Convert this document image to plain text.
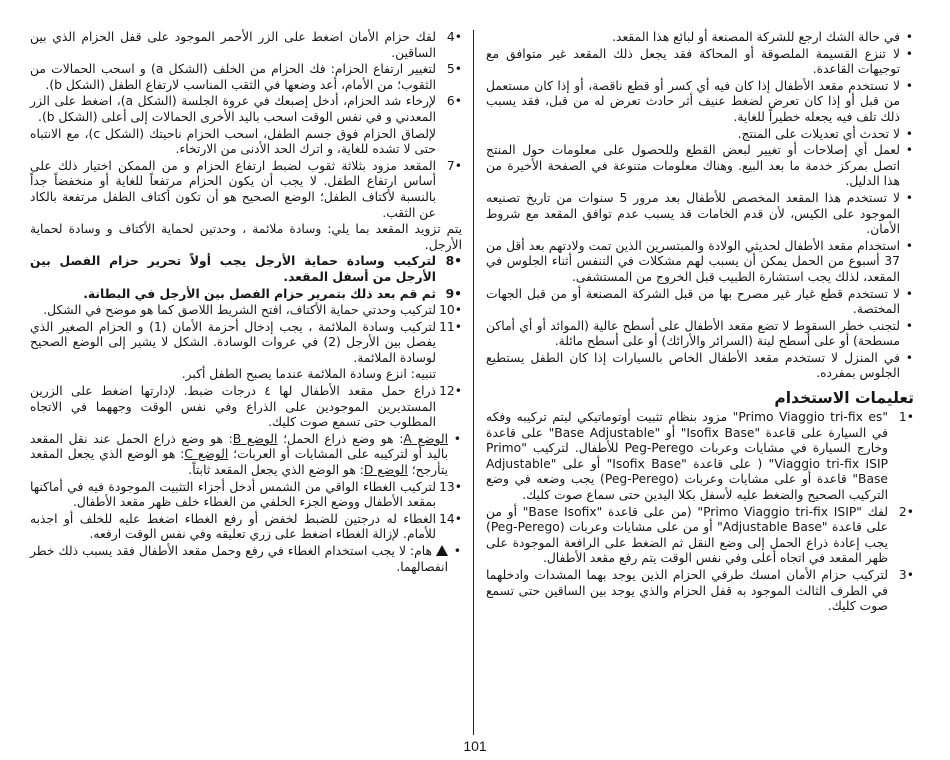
• في حالة الشك ارجع للشركة المصنعة أو لبائع هذا المقعد.
• لا تنزع القسيمة الملصوقة أو المحاكة فقد يجعل ذلك المقعد غير متوافق مع توجيهات القاعدة.
• لا تستخدم مقعد الأطفال إذا كان فيه أي كسر أو قطع ناقصة، أو إذا كان مستعمل من قبل أو إذا كان تعرض لضغط عنيف أثر حادث تعرض له من قبل، فقد يسبب ذلك تلف فيه يجعله خطيراً للغاية.
• لا تحدث أي تعديلات على المنتج.
• لعمل أي إصلاحات أو تغيير لبعض القطع وللحصول على معلومات حول المنتج اتصل بمركز خدمة ما بعد البيع. وهناك معلومات متنوعة في الصفحة الأخيرة من هذا الدليل.
• لا تستخدم هذا المقعد المخصص للأطفال بعد مرور 5 سنوات من تاريخ تصنيعه الموجود على الكيس، لأن قدم الخامات قد يسبب عدم توافق المقعد مع شروط الأمان.
• استخدام مقعد الأطفال لحديثي الولادة والمبتسرين الذين تمت ولادتهم بعد أقل من 37 أسبوع من الحمل يمكن أن يسبب لهم مشكلات في التنفس أثناء الجلوس في المقعد، لذلك يجب استشارة الطبيب قبل الخروج من المستشفى.
• لا تستخدم قطع غيار غير مصرح بها من قبل الشركة المصنعة أو من قبل الجهات المختصة.
• لتجنب خطر السقوط لا تضع مقعد الأطفال على أسطح عالية (الموائد أو أي أماكن مسطحة) أو على أسطح لينة (السرائر والأرائك) أو على أسطح مائلة.
• في المنزل لا تستخدم مقعد الأطفال الخاص بالسيارات إذا كان الطفل يستطيع الجلوس بمفرده.
تعليمات الاستخدام
•1
"Primo Viaggio tri-fix es" مزود بنظام تثبيت أوتوماتيكي ليتم تركيبه وفكه في السيارة على قاعدة "Isofix Base" أو "Base Adjustable" على قاعدة وخارج السيارة في مشايات وعربات Peg-Perego للأطفال. لتركيب "Primo Viaggio tri-fix ISIP" ( على قاعدة "Isofix Base" أو على "Adjustable Base" قاعدة أو على مشايات وعربات (Peg-Perego) يجب وضعه في وضع التركيب الصحيح والضغط عليه لأسفل بكلا اليدين حتى سماع صوت كليك.
•2
لفك "Primo Viaggio tri-fix ISIP" (من على قاعدة "Base Isofix" أو من على قاعدة "Adjustable Base" أو من على مشايات وعربات (Peg-Perego) يجب إعادة ذراع الحمل إلى وضع النقل ثم الضغط على الرافعة الموجودة على ظهر المقعد في اتجاه أعلى وفي نفس الوقت يتم رفع مقعد الأطفال.
•3
لتركيب حزام الأمان امسك طرفي الحزام الذين يوجد بهما المشدات وادخلهما في الطرف الثالث الموجود به قفل الحزام والذي يوجد بين الساقين حتى تسمع صوت كليك.
•4
لفك حزام الأمان اضغط على الزر الأحمر الموجود على قفل الحزام الذي بين الساقين.
•5
لتغيير ارتفاع الحزام: فك الحزام من الخلف (الشكل a) و اسحب الحمالات من الثقوب؛ من الأمام، أعد وضعها في الثقب المناسب لارتفاع الطفل (الشكل b).
•6
لإرخاء شد الحزام، أدخل إصبعك في عروة الجلسة (الشكل a)، اضغط على الزر المعدني و في نفس الوقت اسحب باليد الأخرى الحمالات إلى أعلى (الشكل b).
لإلصاق الحزام فوق جسم الطفل، اسحب الحزام ناحيتك (الشكل c)، مع الانتباه حتى لا تشده للغاية، و اترك الحد الأدنى من الارتخاء.
•7
المقعد مزود بثلاثة ثقوب لضبط ارتفاع الحزام و من الممكن اختيار ذلك على أساس ارتفاع الطفل. لا يجب أن يكون الحزام مرتفعاً للغاية أو منخفضاً جداً بالنسبة لأكتاف الطفل؛ الوضع الصحيح هو أن تكون أكتاف الطفل مرتفعة بالكاد عن الثقب.
يتم تزويد المقعد بما يلي: وسادة ملائمة ، وحدتين لحماية الأكتاف و وسادة لحماية الأرجل.
•8
لتركيب وسادة حماية الأرجل يجب أولاً تحرير حزام الفصل بين الأرجل من أسفل المقعد.
•9
ثم قم بعد ذلك بتمرير حزام الفصل بين الأرجل في البطانة.
•10
لتركيب وحدتي حماية الأكتاف، افتح الشريط اللاصق كما هو موضح في الشكل.
•11
لتركيب وسادة الملائمة ، يجب إدخال أحزمة الأمان (1) و الحزام الصغير الذي يفصل بين الأرجل (2) في عروات الوسادة. الشكل لا يشير إلى الوضع الصحيح لوسادة الملائمة.
تنبيه: انزع وسادة الملائمة عندما يصبح الطفل أكبر.
•12
ذراع حمل مقعد الأطفال لها ٤ درجات ضبط. لإدارتها اضغط على الزرين المستديرين الموجودين على الذراع وفي نفس الوقت وجههما في الاتجاه المطلوب حتى تسمع صوت كليك.
• الوضع A: هو وضع ذراع الحمل؛ الوضع B: هو وضع ذراع الحمل عند نقل المقعد باليد أو لتركيبه على المشايات أو العربات؛ الوضع C: هو الوضع الذي يجعل المقعد يتأرجح؛ الوضع D: هو الوضع الذي يجعل المقعد ثابتاً.
•13
لتركيب الغطاء الواقي من الشمس أدخل أجزاء التثبيت الموجودة فيه في أماكنها بمقعد الأطفال ووضع الجزء الخلفي من الغطاء خلف ظهر مقعد الأطفال.
•14
الغطاء له درجتين للضبط لخفض أو رفع الغطاء اضغط عليه للخلف أو اجذبه للأمام. لإزالة الغطاء اضغط على زري تعليقه وفي نفس الوقت ارفعه.
• هام: لا يجب استخدام الغطاء في رفع وحمل مقعد الأطفال فقد يسبب ذلك خطر انفصالهما.
101
